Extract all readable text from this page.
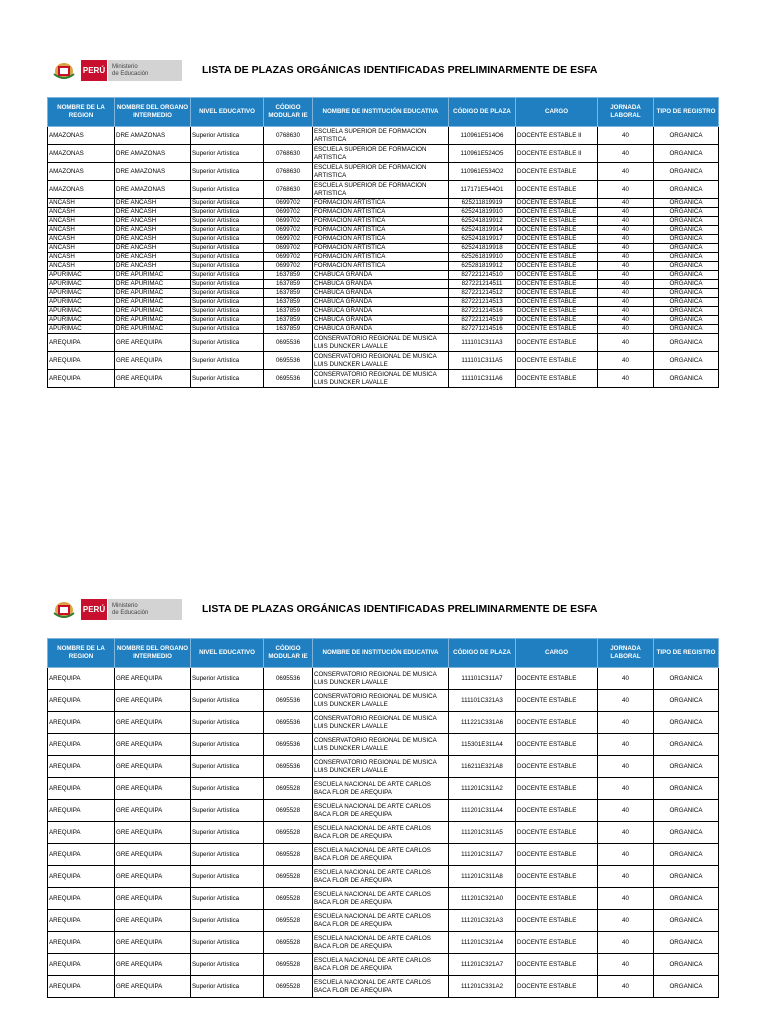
PERÚ	Ministerio
de Educación	LISTA DE PLAZAS ORGÁNICAS IDENTIFICADAS PRELIMINARMENTE DE ESFA
NOMBRE DE LA REGION	NOMBRE DEL ORGANO INTERMEDIO	NIVEL EDUCATIVO	CÓDIGO MODULAR IE	NOMBRE DE INSTITUCIÓN EDUCATIVA	CÓDIGO DE PLAZA	CARGO	JORNADA LABORAL	TIPO DE REGISTRO
AMAZONAS	DRE AMAZONAS	Superior Artística	0768630	ESCUELA SUPERIOR DE FORMACION ARTISTICA	110961E514O6	DOCENTE ESTABLE II	40	ORGANICA
AMAZONAS	DRE AMAZONAS	Superior Artística	0768630	ESCUELA SUPERIOR DE FORMACION ARTISTICA	110961E524O5	DOCENTE ESTABLE II	40	ORGANICA
AMAZONAS	DRE AMAZONAS	Superior Artística	0768630	ESCUELA SUPERIOR DE FORMACION ARTISTICA	110961E534O2	DOCENTE ESTABLE	40	ORGANICA
AMAZONAS	DRE AMAZONAS	Superior Artística	0768630	ESCUELA SUPERIOR DE FORMACION ARTISTICA	117171E544O1	DOCENTE ESTABLE	40	ORGANICA
ANCASH	DRE ANCASH	Superior Artística	0699702	FORMACION ARTISTICA	625211819919	DOCENTE ESTABLE	40	ORGANICA
ANCASH	DRE ANCASH	Superior Artística	0699702	FORMACION ARTISTICA	625241819910	DOCENTE ESTABLE	40	ORGANICA
ANCASH	DRE ANCASH	Superior Artística	0699702	FORMACION ARTISTICA	625241819912	DOCENTE ESTABLE	40	ORGANICA
ANCASH	DRE ANCASH	Superior Artística	0699702	FORMACION ARTISTICA	625241819914	DOCENTE ESTABLE	40	ORGANICA
ANCASH	DRE ANCASH	Superior Artística	0699702	FORMACION ARTISTICA	625241819917	DOCENTE ESTABLE	40	ORGANICA
ANCASH	DRE ANCASH	Superior Artística	0699702	FORMACION ARTISTICA	625241819918	DOCENTE ESTABLE	40	ORGANICA
ANCASH	DRE ANCASH	Superior Artística	0699702	FORMACION ARTISTICA	625261819910	DOCENTE ESTABLE	40	ORGANICA
ANCASH	DRE ANCASH	Superior Artística	0699702	FORMACION ARTISTICA	625281819912	DOCENTE ESTABLE	40	ORGANICA
APURIMAC	DRE APURIMAC	Superior Artística	1637859	CHABUCA GRANDA	827221214510	DOCENTE ESTABLE	40	ORGANICA
APURIMAC	DRE APURIMAC	Superior Artística	1637859	CHABUCA GRANDA	827221214511	DOCENTE ESTABLE	40	ORGANICA
APURIMAC	DRE APURIMAC	Superior Artística	1637859	CHABUCA GRANDA	827221214512	DOCENTE ESTABLE	40	ORGANICA
APURIMAC	DRE APURIMAC	Superior Artística	1637859	CHABUCA GRANDA	827221214513	DOCENTE ESTABLE	40	ORGANICA
APURIMAC	DRE APURIMAC	Superior Artística	1637859	CHABUCA GRANDA	827221214516	DOCENTE ESTABLE	40	ORGANICA
APURIMAC	DRE APURIMAC	Superior Artística	1637859	CHABUCA GRANDA	827221214519	DOCENTE ESTABLE	40	ORGANICA
APURIMAC	DRE APURIMAC	Superior Artística	1637859	CHABUCA GRANDA	827271214516	DOCENTE ESTABLE	40	ORGANICA
AREQUIPA	GRE AREQUIPA	Superior Artística	0695536	CONSERVATORIO REGIONAL DE MUSICA LUIS DUNCKER LAVALLE	111101C311A3	DOCENTE ESTABLE	40	ORGANICA
AREQUIPA	GRE AREQUIPA	Superior Artística	0695536	CONSERVATORIO REGIONAL DE MUSICA LUIS DUNCKER LAVALLE	111101C311A5	DOCENTE ESTABLE	40	ORGANICA
AREQUIPA	GRE AREQUIPA	Superior Artística	0695536	CONSERVATORIO REGIONAL DE MUSICA LUIS DUNCKER LAVALLE	111101C311A6	DOCENTE ESTABLE	40	ORGANICA
PERÚ	Ministerio
de Educación	LISTA DE PLAZAS ORGÁNICAS IDENTIFICADAS PRELIMINARMENTE DE ESFA
NOMBRE DE LA REGION	NOMBRE DEL ORGANO INTERMEDIO	NIVEL EDUCATIVO	CÓDIGO MODULAR IE	NOMBRE DE INSTITUCIÓN EDUCATIVA	CÓDIGO DE PLAZA	CARGO	JORNADA LABORAL	TIPO DE REGISTRO
AREQUIPA	GRE AREQUIPA	Superior Artística	0695536	CONSERVATORIO REGIONAL DE MUSICA LUIS DUNCKER LAVALLE	111101C311A7	DOCENTE ESTABLE	40	ORGANICA
AREQUIPA	GRE AREQUIPA	Superior Artística	0695536	CONSERVATORIO REGIONAL DE MUSICA LUIS DUNCKER LAVALLE	111101C321A3	DOCENTE ESTABLE	40	ORGANICA
AREQUIPA	GRE AREQUIPA	Superior Artística	0695536	CONSERVATORIO REGIONAL DE MUSICA LUIS DUNCKER LAVALLE	111221C331A6	DOCENTE ESTABLE	40	ORGANICA
AREQUIPA	GRE AREQUIPA	Superior Artística	0695536	CONSERVATORIO REGIONAL DE MUSICA LUIS DUNCKER LAVALLE	115301E311A4	DOCENTE ESTABLE	40	ORGANICA
AREQUIPA	GRE AREQUIPA	Superior Artística	0695536	CONSERVATORIO REGIONAL DE MUSICA LUIS DUNCKER LAVALLE	116211E321A8	DOCENTE ESTABLE	40	ORGANICA
AREQUIPA	GRE AREQUIPA	Superior Artística	0695528	ESCUELA NACIONAL DE ARTE CARLOS BACA FLOR DE AREQUIPA	111201C311A2	DOCENTE ESTABLE	40	ORGANICA
AREQUIPA	GRE AREQUIPA	Superior Artística	0695528	ESCUELA NACIONAL DE ARTE CARLOS BACA FLOR DE AREQUIPA	111201C311A4	DOCENTE ESTABLE	40	ORGANICA
AREQUIPA	GRE AREQUIPA	Superior Artística	0695528	ESCUELA NACIONAL DE ARTE CARLOS BACA FLOR DE AREQUIPA	111201C311A5	DOCENTE ESTABLE	40	ORGANICA
AREQUIPA	GRE AREQUIPA	Superior Artística	0695528	ESCUELA NACIONAL DE ARTE CARLOS BACA FLOR DE AREQUIPA	111201C311A7	DOCENTE ESTABLE	40	ORGANICA
AREQUIPA	GRE AREQUIPA	Superior Artística	0695528	ESCUELA NACIONAL DE ARTE CARLOS BACA FLOR DE AREQUIPA	111201C311A8	DOCENTE ESTABLE	40	ORGANICA
AREQUIPA	GRE AREQUIPA	Superior Artística	0695528	ESCUELA NACIONAL DE ARTE CARLOS BACA FLOR DE AREQUIPA	111201C321A0	DOCENTE ESTABLE	40	ORGANICA
AREQUIPA	GRE AREQUIPA	Superior Artística	0695528	ESCUELA NACIONAL DE ARTE CARLOS BACA FLOR DE AREQUIPA	111201C321A3	DOCENTE ESTABLE	40	ORGANICA
AREQUIPA	GRE AREQUIPA	Superior Artística	0695528	ESCUELA NACIONAL DE ARTE CARLOS BACA FLOR DE AREQUIPA	111201C321A4	DOCENTE ESTABLE	40	ORGANICA
AREQUIPA	GRE AREQUIPA	Superior Artística	0695528	ESCUELA NACIONAL DE ARTE CARLOS BACA FLOR DE AREQUIPA	111201C321A7	DOCENTE ESTABLE	40	ORGANICA
AREQUIPA	GRE AREQUIPA	Superior Artística	0695528	ESCUELA NACIONAL DE ARTE CARLOS BACA FLOR DE AREQUIPA	111201C331A2	DOCENTE ESTABLE	40	ORGANICA
